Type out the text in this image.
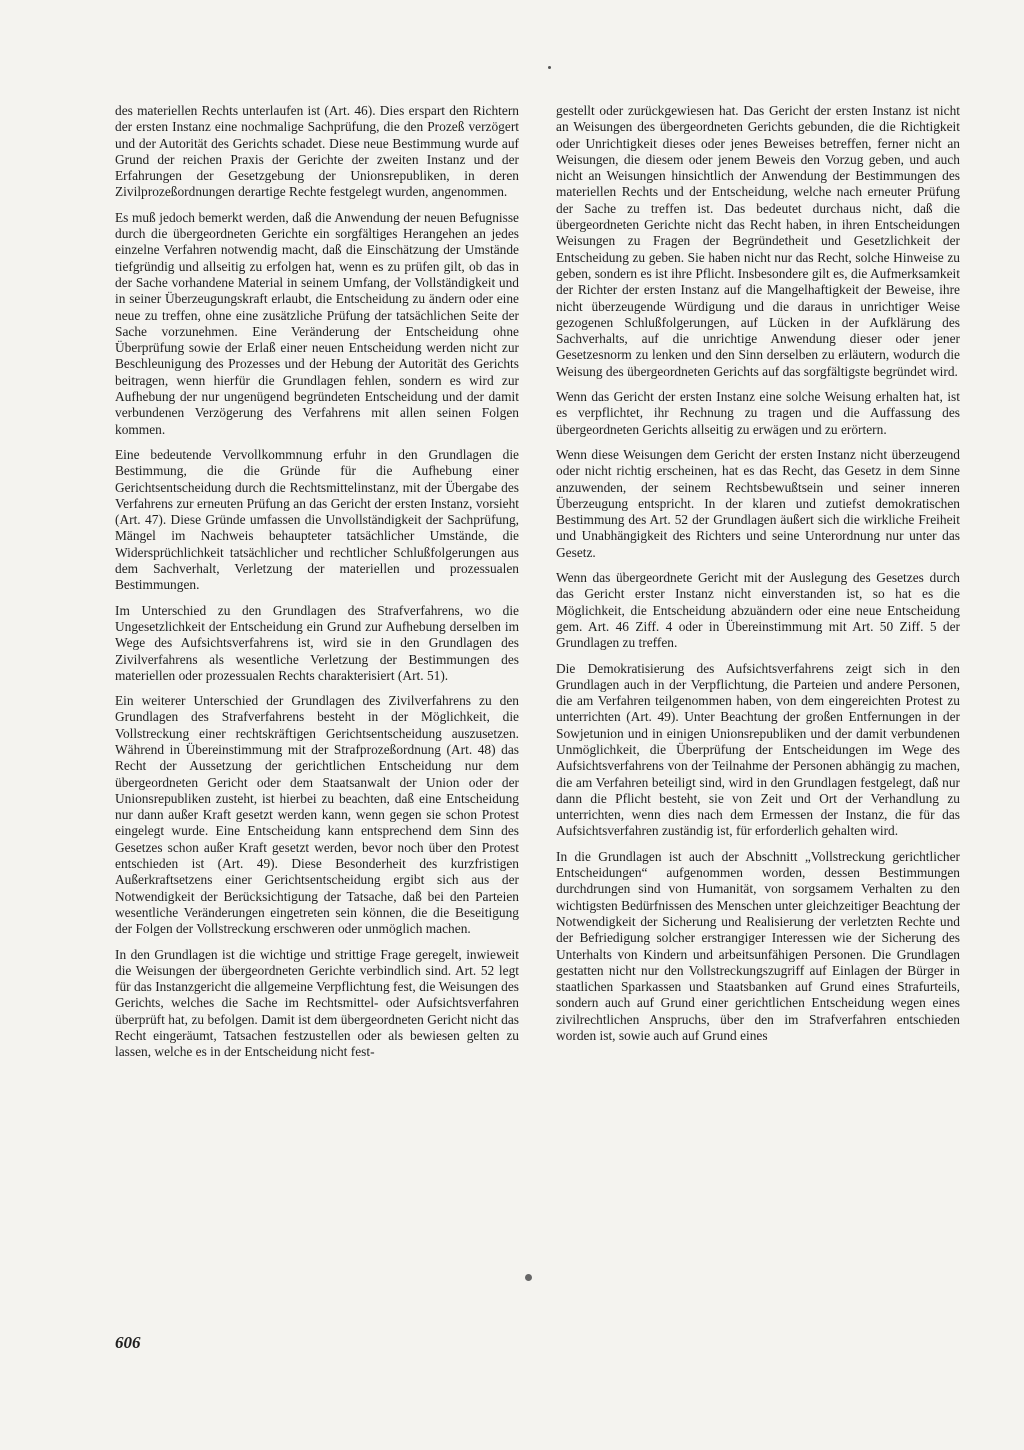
des materiellen Rechts unterlaufen ist (Art. 46). Dies erspart den Richtern der ersten Instanz eine nochmalige Sachprüfung, die den Prozeß verzögert und der Autorität des Gerichts schadet. Diese neue Bestimmung wurde auf Grund der reichen Praxis der Gerichte der zweiten Instanz und der Erfahrungen der Gesetzgebung der Unionsrepubliken, in deren Zivilprozeßordnungen derartige Rechte festgelegt wurden, angenommen.

Es muß jedoch bemerkt werden, daß die Anwendung der neuen Befugnisse durch die übergeordneten Gerichte ein sorgfältiges Herangehen an jedes einzelne Verfahren notwendig macht, daß die Einschätzung der Umstände tiefgründig und allseitig zu erfolgen hat, wenn es zu prüfen gilt, ob das in der Sache vorhandene Material in seinem Umfang, der Vollständigkeit und in seiner Überzeugungskraft erlaubt, die Entscheidung zu ändern oder eine neue zu treffen, ohne eine zusätzliche Prüfung der tatsächlichen Seite der Sache vorzunehmen. Eine Veränderung der Entscheidung ohne Überprüfung sowie der Erlaß einer neuen Entscheidung werden nicht zur Beschleunigung des Prozesses und der Hebung der Autorität des Gerichts beitragen, wenn hierfür die Grundlagen fehlen, sondern es wird zur Aufhebung der nur ungenügend begründeten Entscheidung und der damit verbundenen Verzögerung des Verfahrens mit allen seinen Folgen kommen.

Eine bedeutende Vervollkommnung erfuhr in den Grundlagen die Bestimmung, die die Gründe für die Aufhebung einer Gerichtsentscheidung durch die Rechtsmittelinstanz, mit der Übergabe des Verfahrens zur erneuten Prüfung an das Gericht der ersten Instanz, vorsieht (Art. 47). Diese Gründe umfassen die Unvollständigkeit der Sachprüfung, Mängel im Nachweis behaupteter tatsächlicher Umstände, die Widersprüchlichkeit tatsächlicher und rechtlicher Schlußfolgerungen aus dem Sachverhalt, Verletzung der materiellen und prozessualen Bestimmungen.

Im Unterschied zu den Grundlagen des Strafverfahrens, wo die Ungesetzlichkeit der Entscheidung ein Grund zur Aufhebung derselben im Wege des Aufsichtsverfahrens ist, wird sie in den Grundlagen des Zivilverfahrens als wesentliche Verletzung der Bestimmungen des materiellen oder prozessualen Rechts charakterisiert (Art. 51).

Ein weiterer Unterschied der Grundlagen des Zivilverfahrens zu den Grundlagen des Strafverfahrens besteht in der Möglichkeit, die Vollstreckung einer rechtskräftigen Gerichtsentscheidung auszusetzen. Während in Übereinstimmung mit der Strafprozeßordnung (Art. 48) das Recht der Aussetzung der gerichtlichen Entscheidung nur dem übergeordneten Gericht oder dem Staatsanwalt der Union oder der Unionsrepubliken zusteht, ist hierbei zu beachten, daß eine Entscheidung nur dann außer Kraft gesetzt werden kann, wenn gegen sie schon Protest eingelegt wurde. Eine Entscheidung kann entsprechend dem Sinn des Gesetzes schon außer Kraft gesetzt werden, bevor noch über den Protest entschieden ist (Art. 49). Diese Besonderheit des kurzfristigen Außerkraftsetzens einer Gerichtsentscheidung ergibt sich aus der Notwendigkeit der Berücksichtigung der Tatsache, daß bei den Parteien wesentliche Veränderungen eingetreten sein können, die die Beseitigung der Folgen der Vollstreckung erschweren oder unmöglich machen.

In den Grundlagen ist die wichtige und strittige Frage geregelt, inwieweit die Weisungen der übergeordneten Gerichte verbindlich sind. Art. 52 legt für das Instanzgericht die allgemeine Verpflichtung fest, die Weisungen des Gerichts, welches die Sache im Rechtsmittel- oder Aufsichtsverfahren überprüft hat, zu befolgen. Damit ist dem übergeordneten Gericht nicht das Recht eingeräumt, Tatsachen festzustellen oder als bewiesen gelten zu lassen, welche es in der Entscheidung nicht fest-

gestellt oder zurückgewiesen hat. Das Gericht der ersten Instanz ist nicht an Weisungen des übergeordneten Gerichts gebunden, die die Richtigkeit oder Unrichtigkeit dieses oder jenes Beweises betreffen, ferner nicht an Weisungen, die diesem oder jenem Beweis den Vorzug geben, und auch nicht an Weisungen hinsichtlich der Anwendung der Bestimmungen des materiellen Rechts und der Entscheidung, welche nach erneuter Prüfung der Sache zu treffen ist. Das bedeutet durchaus nicht, daß die übergeordneten Gerichte nicht das Recht haben, in ihren Entscheidungen Weisungen zu Fragen der Begründetheit und Gesetzlichkeit der Entscheidung zu geben. Sie haben nicht nur das Recht, solche Hinweise zu geben, sondern es ist ihre Pflicht. Insbesondere gilt es, die Aufmerksamkeit der Richter der ersten Instanz auf die Mangelhaftigkeit der Beweise, ihre nicht überzeugende Würdigung und die daraus in unrichtiger Weise gezogenen Schlußfolgerungen, auf Lücken in der Aufklärung des Sachverhalts, auf die unrichtige Anwendung dieser oder jener Gesetzesnorm zu lenken und den Sinn derselben zu erläutern, wodurch die Weisung des übergeordneten Gerichts auf das sorgfältigste begründet wird.

Wenn das Gericht der ersten Instanz eine solche Weisung erhalten hat, ist es verpflichtet, ihr Rechnung zu tragen und die Auffassung des übergeordneten Gerichts allseitig zu erwägen und zu erörtern.

Wenn diese Weisungen dem Gericht der ersten Instanz nicht überzeugend oder nicht richtig erscheinen, hat es das Recht, das Gesetz in dem Sinne anzuwenden, der seinem Rechtsbewußtsein und seiner inneren Überzeugung entspricht. In der klaren und zutiefst demokratischen Bestimmung des Art. 52 der Grundlagen äußert sich die wirkliche Freiheit und Unabhängigkeit des Richters und seine Unterordnung nur unter das Gesetz.

Wenn das übergeordnete Gericht mit der Auslegung des Gesetzes durch das Gericht erster Instanz nicht einverstanden ist, so hat es die Möglichkeit, die Entscheidung abzuändern oder eine neue Entscheidung gem. Art. 46 Ziff. 4 oder in Übereinstimmung mit Art. 50 Ziff. 5 der Grundlagen zu treffen.

Die Demokratisierung des Aufsichtsverfahrens zeigt sich in den Grundlagen auch in der Verpflichtung, die Parteien und andere Personen, die am Verfahren teilgenommen haben, von dem eingereichten Protest zu unterrichten (Art. 49). Unter Beachtung der großen Entfernungen in der Sowjetunion und in einigen Unionsrepubliken und der damit verbundenen Unmöglichkeit, die Überprüfung der Entscheidungen im Wege des Aufsichtsverfahrens von der Teilnahme der Personen abhängig zu machen, die am Verfahren beteiligt sind, wird in den Grundlagen festgelegt, daß nur dann die Pflicht besteht, sie von Zeit und Ort der Verhandlung zu unterrichten, wenn dies nach dem Ermessen der Instanz, die für das Aufsichtsverfahren zuständig ist, für erforderlich gehalten wird.

In die Grundlagen ist auch der Abschnitt „Vollstreckung gerichtlicher Entscheidungen“ aufgenommen worden, dessen Bestimmungen durchdrungen sind von Humanität, von sorgsamem Verhalten zu den wichtigsten Bedürfnissen des Menschen unter gleichzeitiger Beachtung der Notwendigkeit der Sicherung und Realisierung der verletzten Rechte und der Befriedigung solcher erstrangiger Interessen wie der Sicherung des Unterhalts von Kindern und arbeitsunfähigen Personen. Die Grundlagen gestatten nicht nur den Vollstreckungszugriff auf Einlagen der Bürger in staatlichen Sparkassen und Staatsbanken auf Grund eines Strafurteils, sondern auch auf Grund einer gerichtlichen Entscheidung wegen eines zivilrechtlichen Anspruchs, über den im Strafverfahren entschieden worden ist, sowie auch auf Grund eines

606
